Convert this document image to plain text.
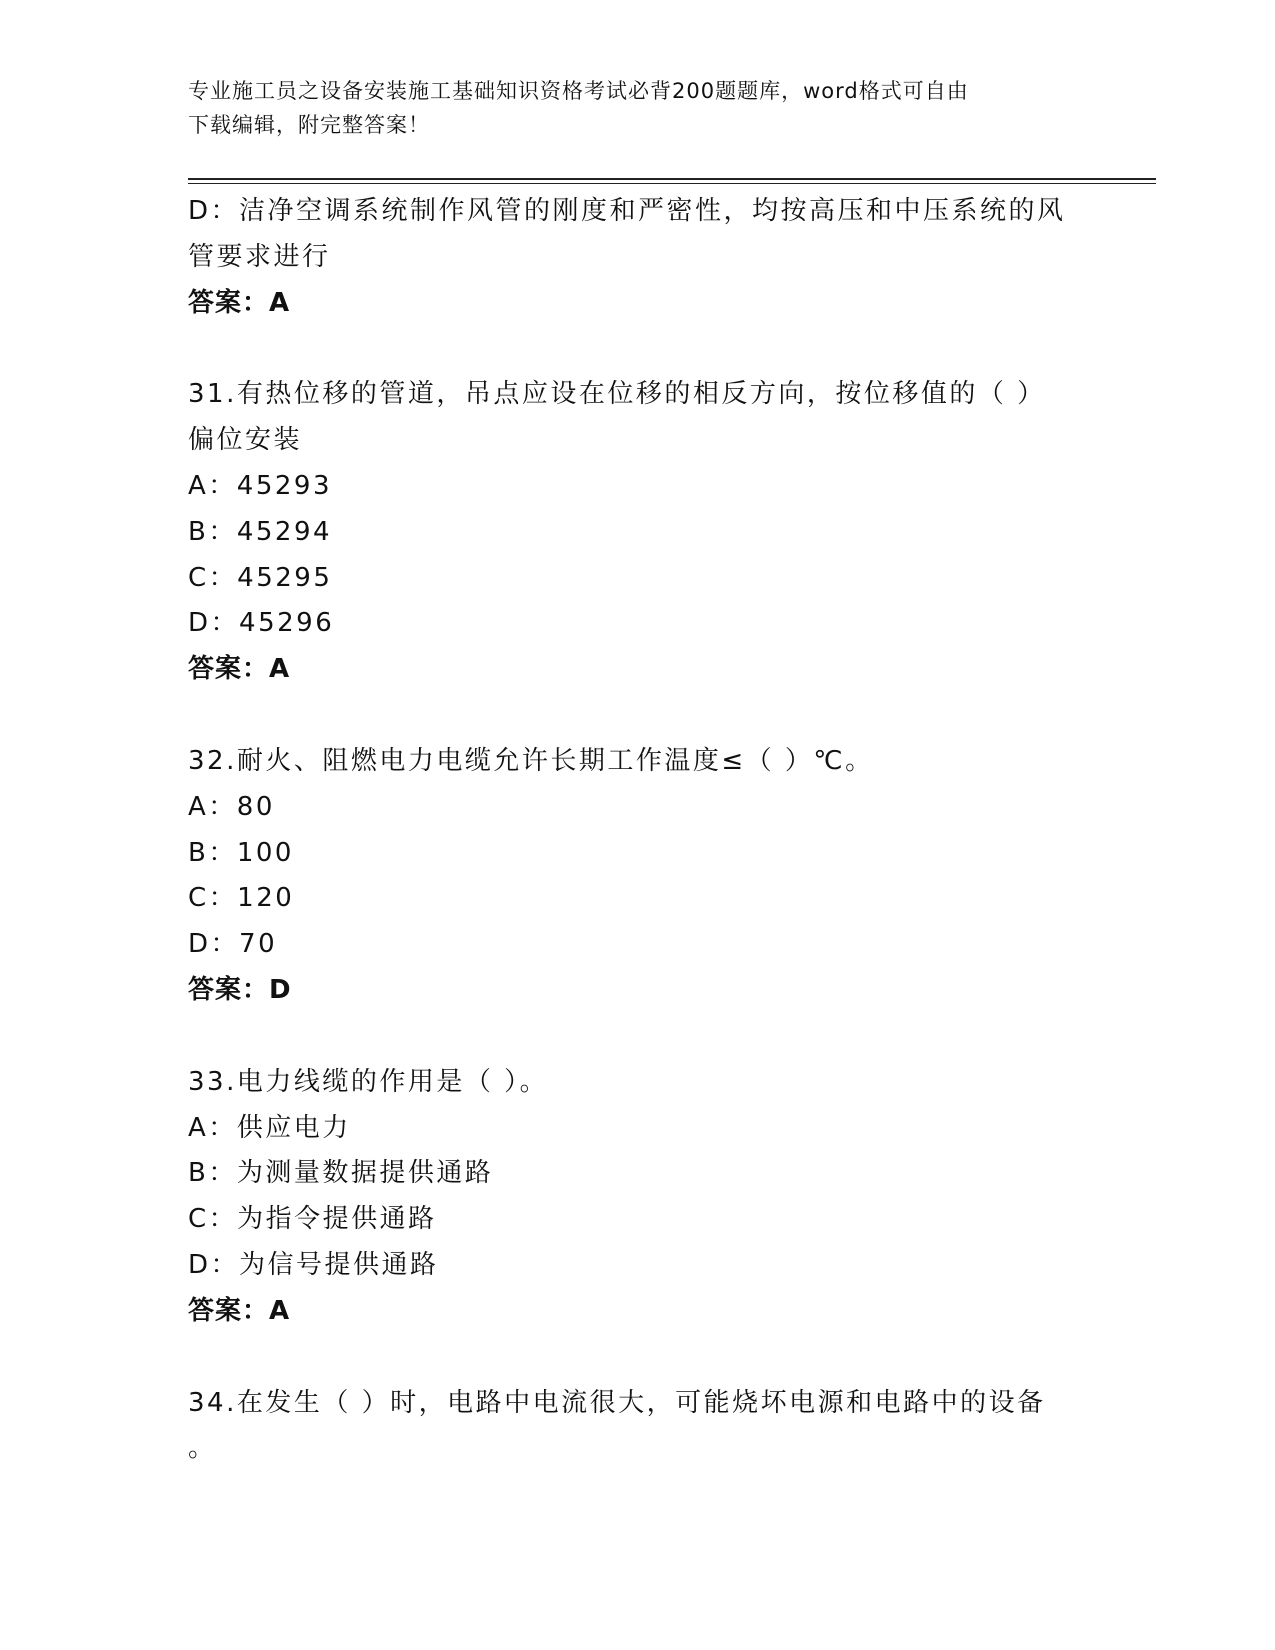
专业施工员之设备安装施工基础知识资格考试必背200题题库，word格式可自由
下载编辑，附完整答案！
D：洁净空调系统制作风管的刚度和严密性，均按高压和中压系统的风
管要求进行
答案：A
31.有热位移的管道，吊点应设在位移的相反方向，按位移值的（ ）
偏位安装
A：45293
B：45294
C：45295
D：45296
答案：A
32.耐火、阻燃电力电缆允许长期工作温度≤（ ）℃。
A：80
B：100
C：120
D：70
答案：D
33.电力线缆的作用是（ ）。
A：供应电力
B：为测量数据提供通路
C：为指令提供通路
D：为信号提供通路
答案：A
34.在发生（ ）时，电路中电流很大，可能烧坏电源和电路中的设备
。
